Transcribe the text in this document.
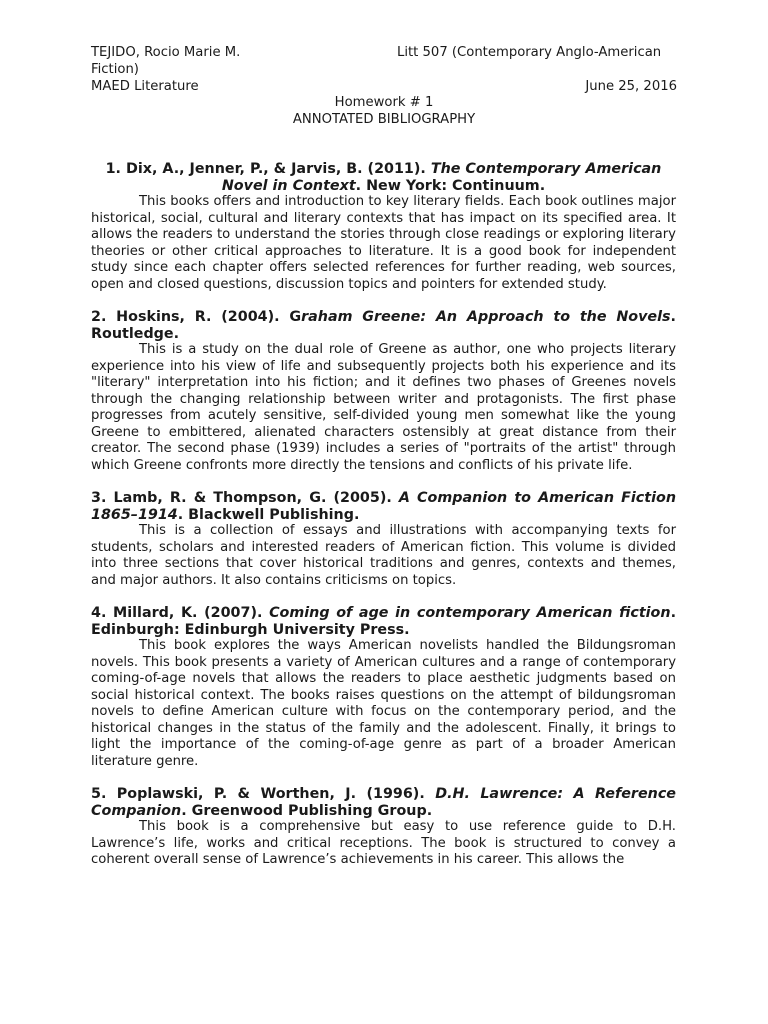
TEJIDO, Rocio Marie M.	Litt 507 (Contemporary Anglo-American
Fiction)
MAED Literature	June 25, 2016
Homework # 1
ANNOTATED BIBLIOGRAPHY

1. Dix, A., Jenner, P., & Jarvis, B. (2011). The Contemporary American Novel in Context. New York: Continuum.

This books offers and introduction to key literary fields. Each book outlines major historical, social, cultural and literary contexts that has impact on its specified area. It allows the readers to understand the stories through close readings or exploring literary theories or other critical approaches to literature. It is a good book for independent study since each chapter offers selected references for further reading, web sources, open and closed questions, discussion topics and pointers for extended study.

2. Hoskins, R. (2004). Graham Greene: An Approach to the Novels. Routledge.

This is a study on the dual role of Greene as author, one who projects literary experience into his view of life and subsequently projects both his experience and its "literary" interpretation into his fiction; and it defines two phases of Greenes novels through the changing relationship between writer and protagonists. The first phase progresses from acutely sensitive, self-divided young men somewhat like the young Greene to embittered, alienated characters ostensibly at great distance from their creator. The second phase (1939) includes a series of "portraits of the artist" through which Greene confronts more directly the tensions and conflicts of his private life.

3. Lamb, R. & Thompson, G. (2005). A Companion to American Fiction 1865–1914. Blackwell Publishing.

This is a collection of essays and illustrations with accompanying texts for students, scholars and interested readers of American fiction. This volume is divided into three sections that cover historical traditions and genres, contexts and themes, and major authors. It also contains criticisms on topics.

4. Millard, K. (2007). Coming of age in contemporary American fiction. Edinburgh: Edinburgh University Press.

This book explores the ways American novelists handled the Bildungsroman novels. This book presents a variety of American cultures and a range of contemporary coming-of-age novels that allows the readers to place aesthetic judgments based on social historical context. The books raises questions on the attempt of bildungsroman novels to define American culture with focus on the contemporary period, and the historical changes in the status of the family and the adolescent. Finally, it brings to light the importance of the coming-of-age genre as part of a broader American literature genre.

5. Poplawski, P. & Worthen, J. (1996). D.H. Lawrence: A Reference Companion. Greenwood Publishing Group.

This book is a comprehensive but easy to use reference guide to D.H. Lawrence’s life, works and critical receptions. The book is structured to convey a coherent overall sense of Lawrence’s achievements in his career. This allows the
